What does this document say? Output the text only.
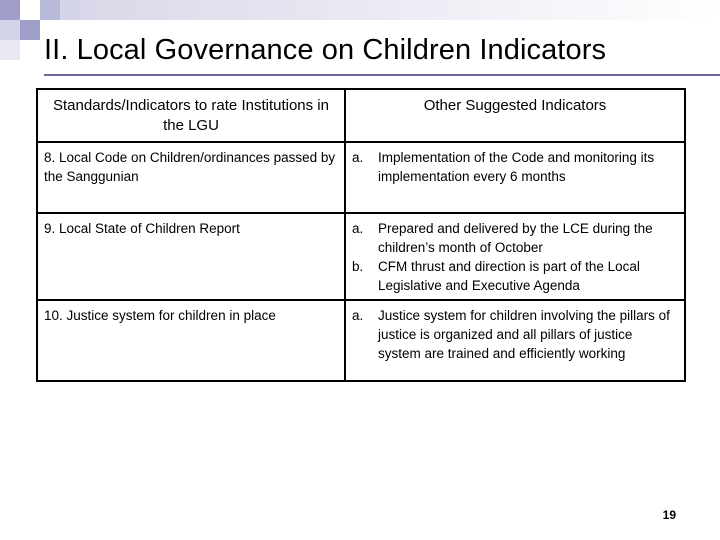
II. Local Governance on Children Indicators
Standards/Indicators to rate Institutions in the LGU	Other Suggested Indicators
8. Local Code on Children/ordinances passed by the Sanggunian	a. Implementation of the Code and monitoring its implementation every 6 months

9. Local State of Children Report	a. Prepared and delivered by the LCE during the children’s month of October
b. CFM thrust and direction is part of the Local Legislative and Executive Agenda

10. Justice system for children in place	a. Justice system for children involving the pillars of justice is organized and all pillars of justice system are trained and efficiently working
19
